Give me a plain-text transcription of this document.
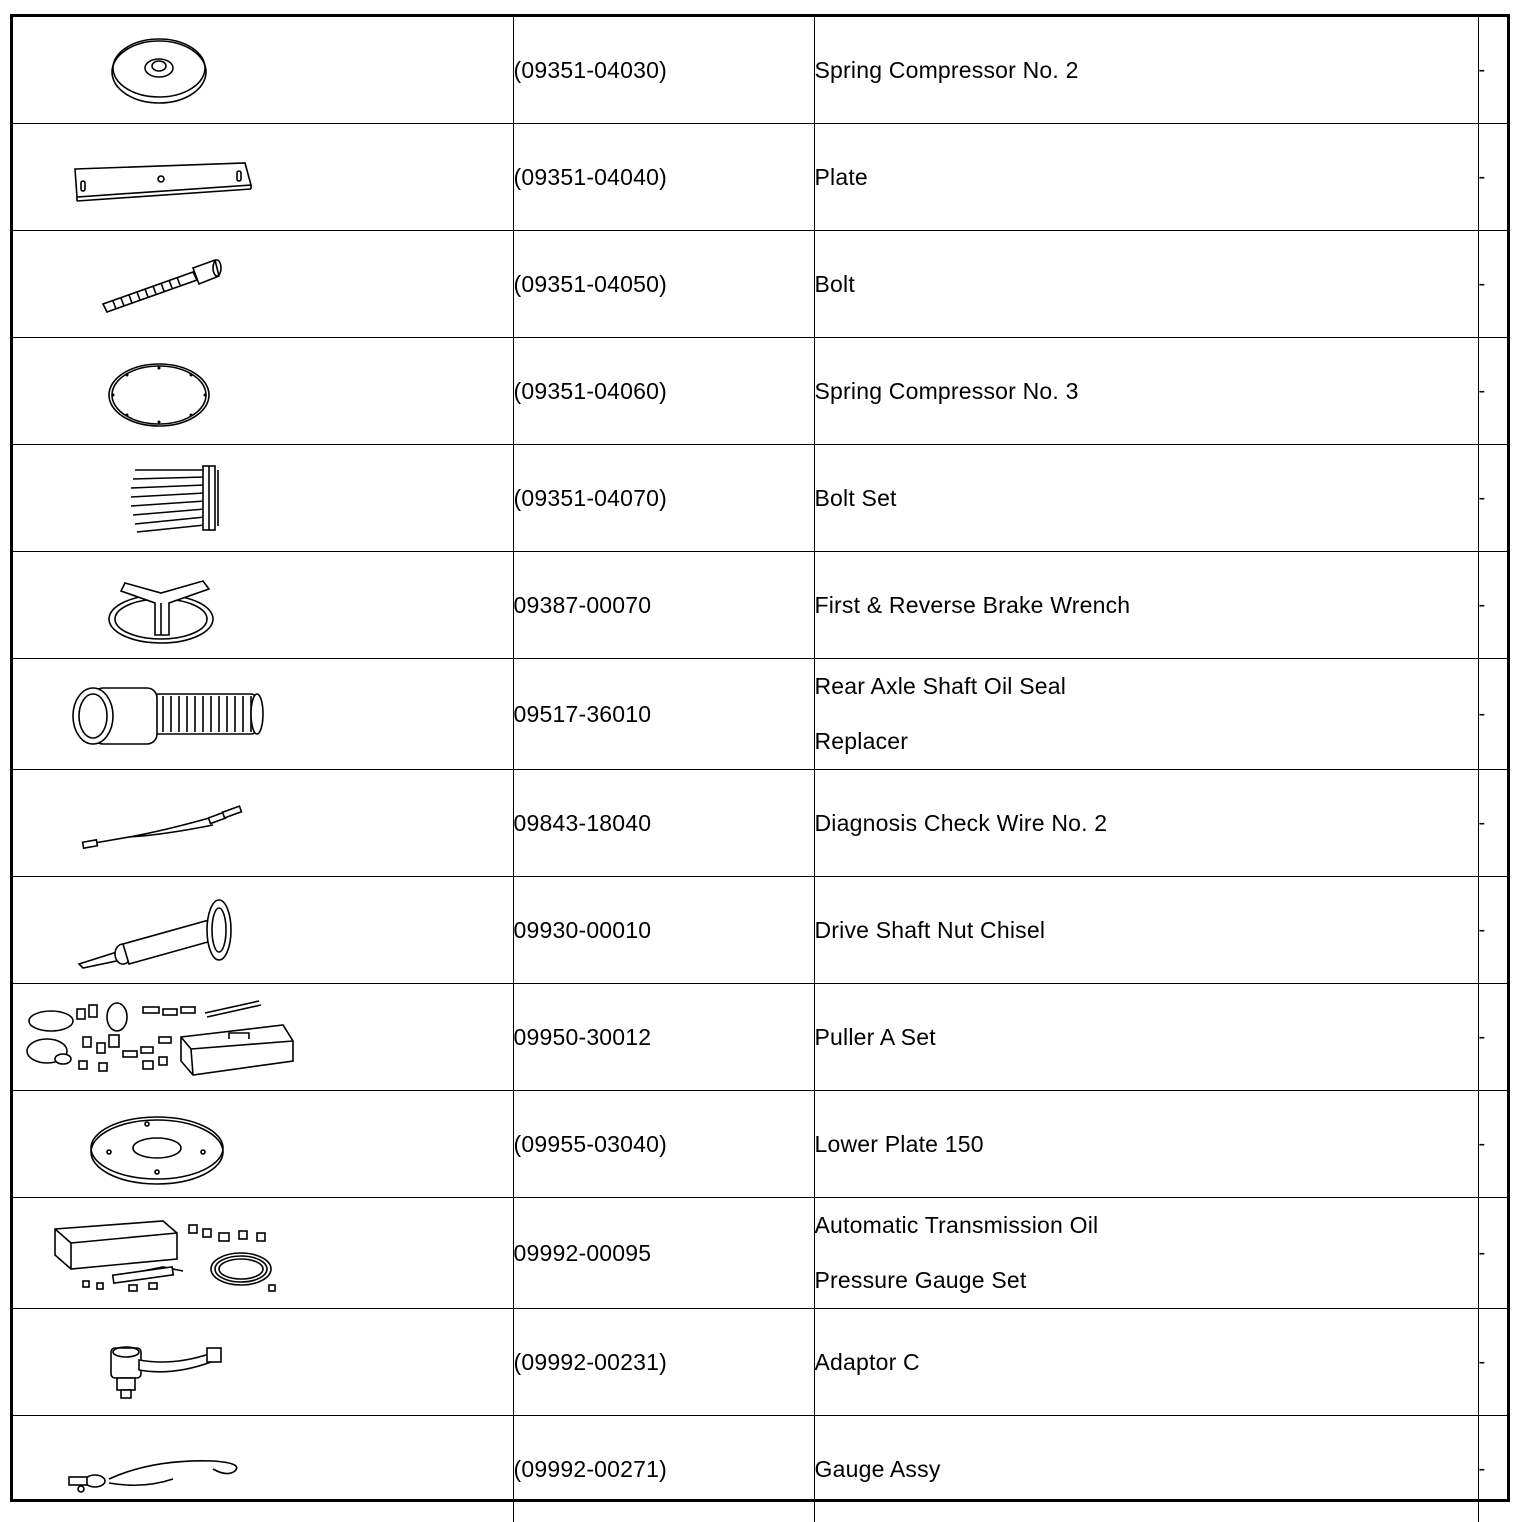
	(09351-04030)	Spring Compressor No. 2	-

	(09351-04040)	Plate	-

	(09351-04050)	Bolt	-

	(09351-04060)	Spring Compressor No. 3	-

	(09351-04070)	Bolt Set	-

	09387-00070	First & Reverse Brake Wrench	-

	09517-36010	Rear Axle Shaft Oil Seal
Replacer	-

	09843-18040	Diagnosis Check Wire No. 2	-

	09930-00010	Drive Shaft Nut Chisel	-

	09950-30012	Puller A Set	-

	(09955-03040)	Lower Plate 150	-

	09992-00095	Automatic Transmission Oil
Pressure Gauge Set	-

	(09992-00231)	Adaptor C	-

	(09992-00271)	Gauge Assy	-
